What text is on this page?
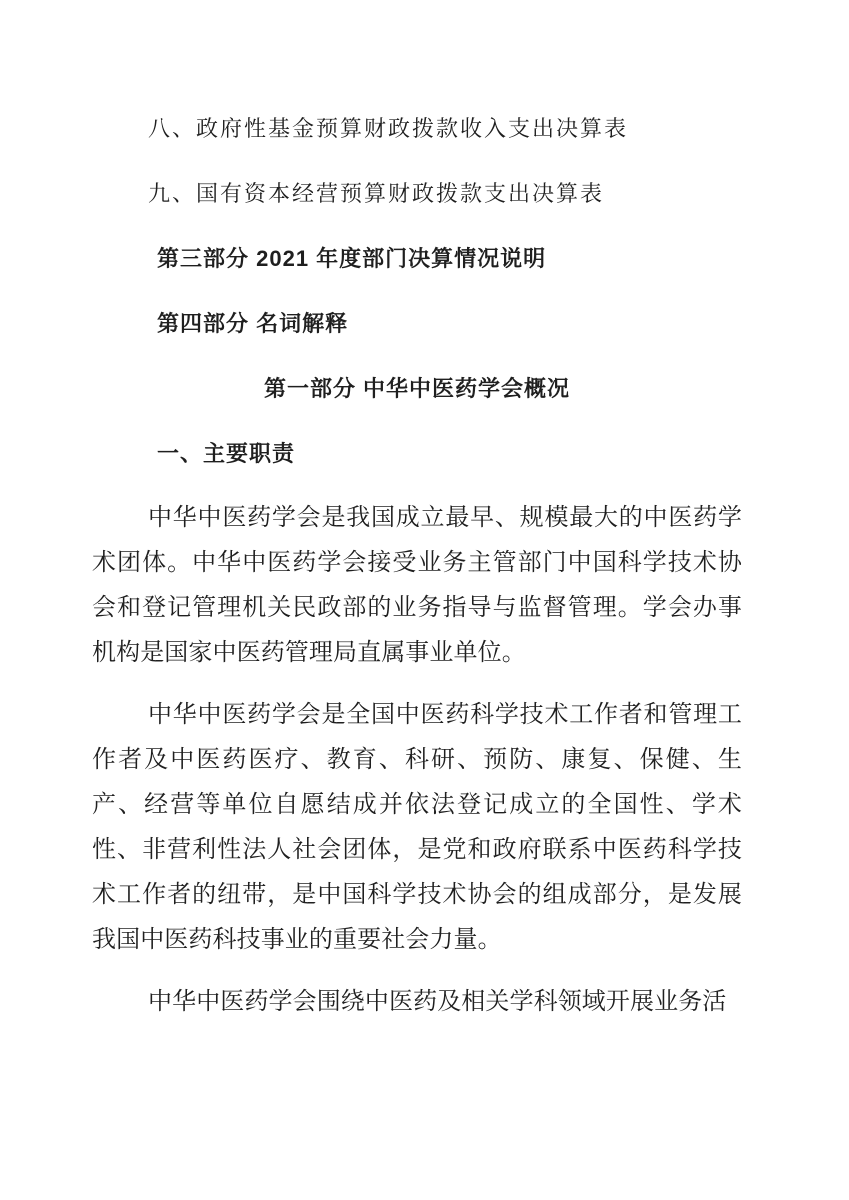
八、政府性基金预算财政拨款收入支出决算表

九、国有资本经营预算财政拨款支出决算表

第三部分 2021 年度部门决算情况说明

第四部分 名词解释

第一部分 中华中医药学会概况
一、主要职责

中华中医药学会是我国成立最早、规模最大的中医药学术团体。中华中医药学会接受业务主管部门中国科学技术协会和登记管理机关民政部的业务指导与监督管理。学会办事机构是国家中医药管理局直属事业单位。

中华中医药学会是全国中医药科学技术工作者和管理工作者及中医药医疗、教育、科研、预防、康复、保健、生产、经营等单位自愿结成并依法登记成立的全国性、学术性、非营利性法人社会团体，是党和政府联系中医药科学技术工作者的纽带，是中国科学技术协会的组成部分，是发展我国中医药科技事业的重要社会力量。

中华中医药学会围绕中医药及相关学科领域开展业务活
